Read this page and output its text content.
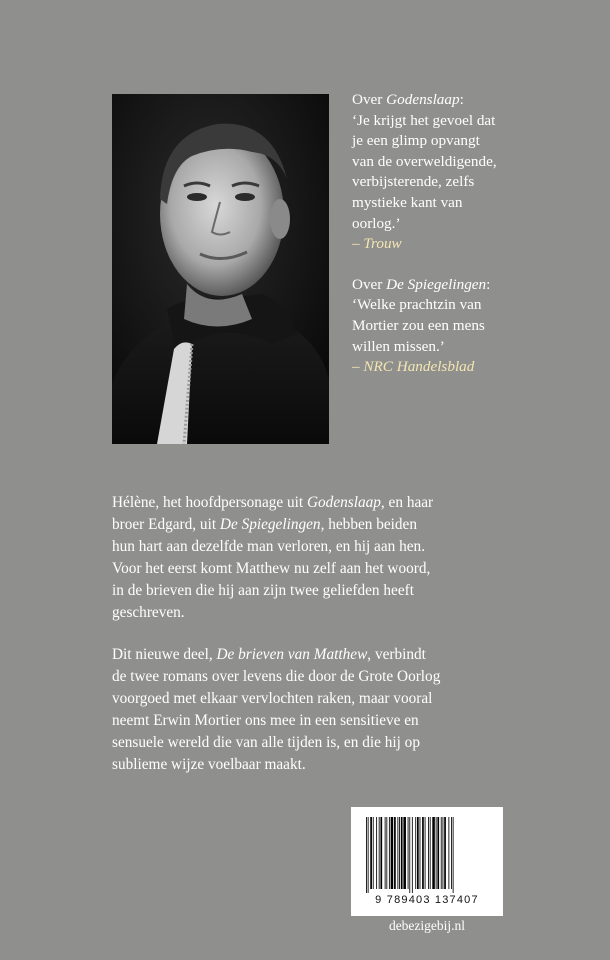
Over Godenslaap:

‘Je krijgt het gevoel dat

je een glimp opvangt

van de overweldigende,

verbijsterende, zelfs

mystieke kant van

oorlog.’

– Trouw

Over De Spiegelingen:

‘Welke prachtzin van

Mortier zou een mens

willen missen.’

– NRC Handelsblad

Hélène, het hoofdpersonage uit Godenslaap, en haar
broer Edgard, uit De Spiegelingen, hebben beiden
hun hart aan dezelfde man verloren, en hij aan hen.
Voor het eerst komt Matthew nu zelf aan het woord,
in de brieven die hij aan zijn twee geliefden heeft
geschreven.

Dit nieuwe deel, De brieven van Matthew, verbindt
de twee romans over levens die door de Grote Oorlog
voorgoed met elkaar vervlochten raken, maar vooral
neemt Erwin Mortier ons mee in een sensitieve en
sensuele wereld die van alle tijden is, en die hij op
sublieme wijze voelbaar maakt.

9 789403 137407
debezigebij.nl
